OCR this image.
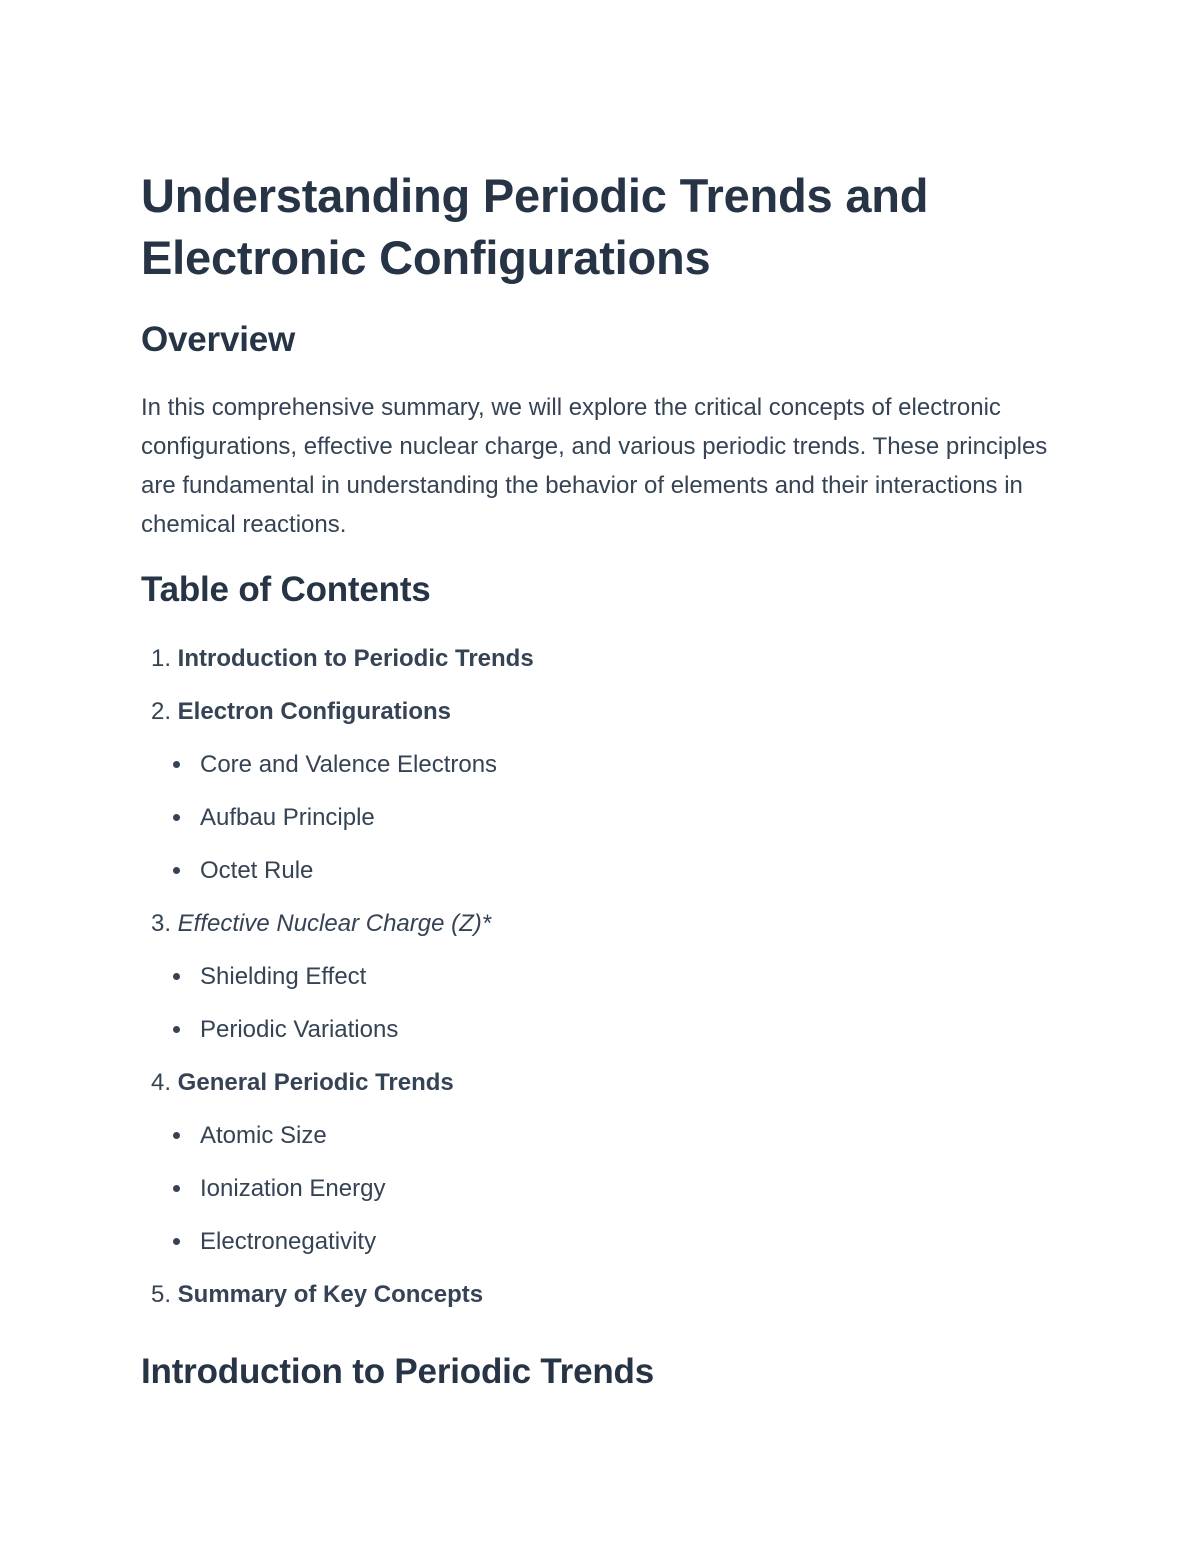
Understanding Periodic Trends and
Electronic Configurations
Overview

In this comprehensive summary, we will explore the critical concepts of electronic configurations, effective nuclear charge, and various periodic trends. These principles are fundamental in understanding the behavior of elements and their interactions in chemical reactions.

Table of Contents
1. Introduction to Periodic Trends
2. Electron Configurations
Core and Valence Electrons
Aufbau Principle
Octet Rule
3. Effective Nuclear Charge (Z)*
Shielding Effect
Periodic Variations
4. General Periodic Trends
Atomic Size
Ionization Energy
Electronegativity
5. Summary of Key Concepts
Introduction to Periodic Trends
